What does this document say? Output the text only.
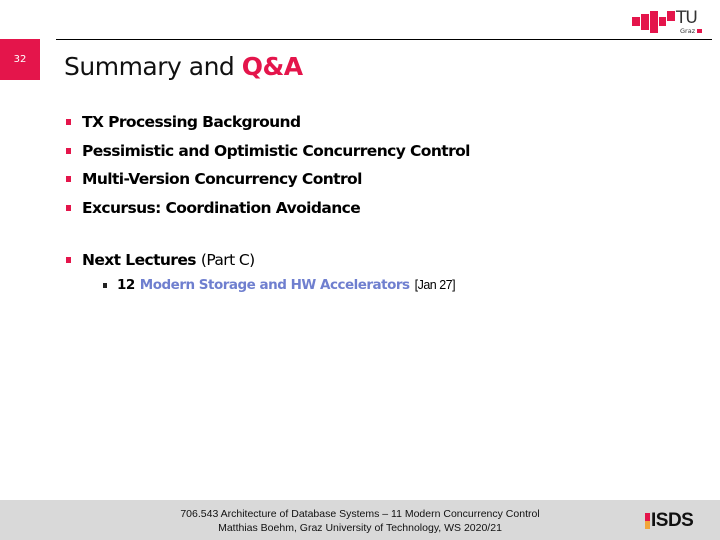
32 Summary and Q&A
TU
Graz
TX Processing Background
Pessimistic and Optimistic Concurrency Control
Multi-Version Concurrency Control
Excursus: Coordination Avoidance
Next Lectures (Part C)
12 Modern Storage and HW Accelerators [Jan 27]
706.543 Architecture of Database Systems – 11 Modern Concurrency Control
Matthias Boehm, Graz University of Technology, WS 2020/21	ISDS
